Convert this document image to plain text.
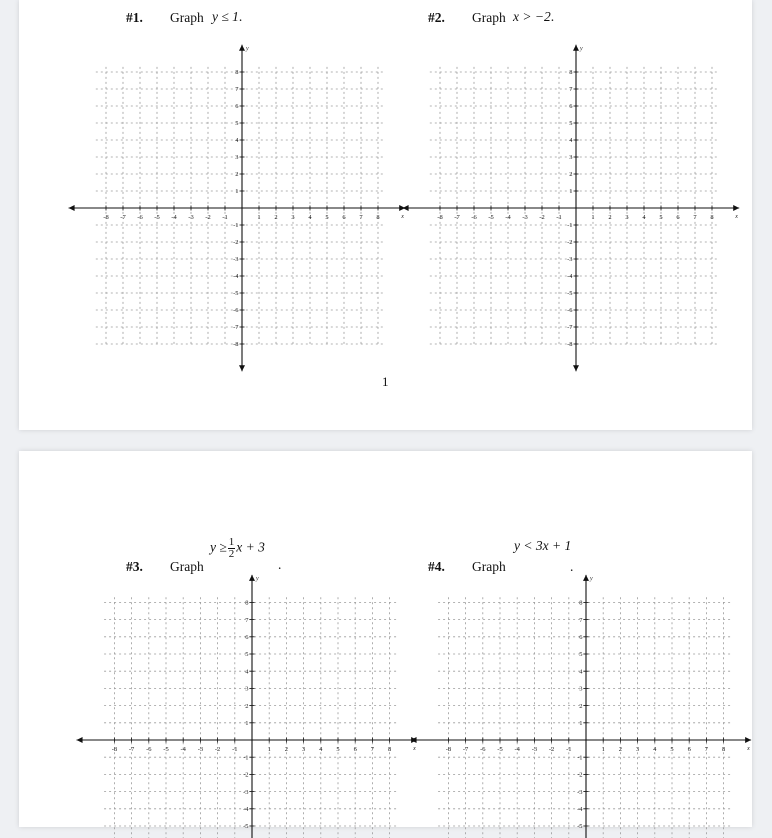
#1. Graph y ≤ 1.	#2. Graph x > −2.
x
y
-8
-8
-7
-7
-6
-6
-5
-5
-4
-4
-3
-3
-2
-2
-1
-1
1
1
2
2
3
3
4
4
5
5
6
6
7
7
8
8
x
y
-8
-8
-7
-7
-6
-6
-5
-5
-4
-4
-3
-3
-2
-2
-1
-1
1
1
2
2
3
3
4
4
5
5
6
6
7
7
8
8
1
#3. Graph
$y \ge \frac{1}{2}$ x + 3
.	#4. Graph
y < 3x + 1
.
x
y
-8 -7 -6 -5
-5
-4
-4
-3
-3
-2
-2
-1
-1
1
1
2
2
3
3
4
4
5
5
6
6
7
7
8
8
x
y
-8 -7 -6 -5
-5
-4
-4
-3
-3
-2
-2
-1
-1
1
1
2
2
3
3
4
4
5
5
6
6
7
7
8
8
